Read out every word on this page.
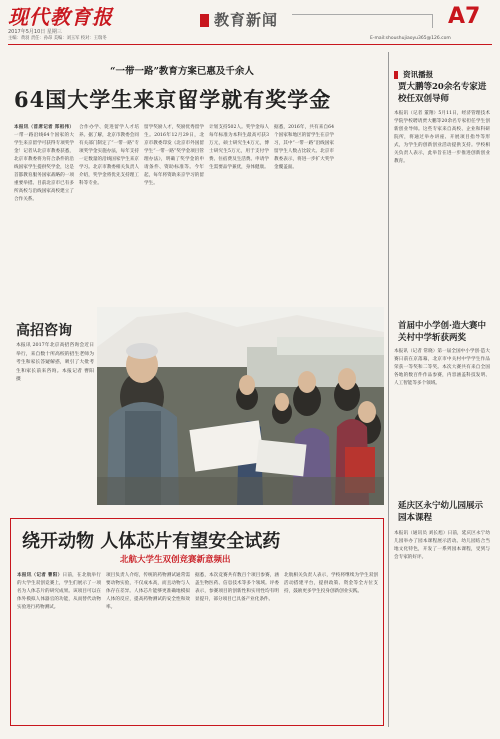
现代教育报
2017年5月10日 星期三
主编：黄羽 责任：孙昂 美编：刘玉军 校对：王瑞冬
教育新闻	A7
E-mail:shoushujiaoyu365@126.com
“一带一路”教育方案已惠及千余人
64国大学生来京留学就有奖学金
本报讯（首席记者 郑祖伟）一带一路沿线64个国家的大学生来京留学可获得专项奖学金！记者从北京市教委获悉，北京市教委将为符合条件的沿线国家学生提供奖学金，这是首都教育服务国家战略的一项重要举措。目前北京市已有多所高校与沿线国家高校建立了合作关系。
合作办学、促进留学人才培养。据了解，北京市教委会同有关部门制定了“一带一路”专项奖学金实施办法，每年支持一定数量的沿线国家学生来京学习。北京市教委相关负责人介绍，奖学金将优先支持理工科等专业。
留学奖励人才，奖励优秀留学生。2016年12月29日，北京市教委印发《北京市外国留学生“一带一路”奖学金项目管理办法》，明确了奖学金的申请条件、资助标准等。今年起，每年将资助来京学习的留学生。
计划支持502人。奖学金每人每年标准为本科生最高可获3万元，硕士研究生4万元，博士研究生5万元，用于支付学费、住宿费及生活费。申请学生需要品学兼优，身体健康。
据悉，2016年，共有来自64个国家和地区的留学生在京学习，其中“一带一路”沿线国家留学生人数占比较大。北京市教委表示，将进一步扩大奖学金覆盖面。
资讯播报
贾大鹏等20余名专家进校任双创导师
本报讯（记者 董翔）5月11日，经济管理技术学院学校聘请贾大鹏等20余名专家担任学生创新创业导师。这些专家来自高校、企业和科研院所，将通过举办讲座、开展项目指导等形式，为学生的创新创业活动提供支持。学校相关负责人表示，此举旨在进一步推进创新创业教育。
首届中小学创·造大赛中关村中学斩获两奖
本报讯（记者 常晓）第一届全国中小学创·造大赛日前在京落幕，北京市中关村中学学生作品荣获一等奖和二等奖。本次大赛共有来自全国各地的数百件作品参赛，内容涵盖科技发明、人工智能等多个领域。
延庆区永宁幼儿园展示园本课程
本报讯（通讯员 刘长旭）日前，延庆区永宁幼儿园举办了园本课程展示活动。幼儿园结合当地文化特色，开发了一系列园本课程，受到与会专家的好评。
高招咨询
本报讯 2017年北京高招咨询会近日举行，来自数十所高校的招生老师为考生和家长答疑解惑，吸引了大批考生和家长前来咨询。本报记者 曹阳 摄
绕开动物 人体芯片有望安全试药
北航大学生双创竞赛新意频出
本报讯（记者 曹阳）日前，在北航举行的大学生双创竞赛上，学生们展示了一项名为人体芯片的研究成果。该项目可以在体外模拟人体器官的功能，从而替代动物实验进行药物测试。
项目负责人介绍，传统的药物测试通常需要动物实验，不仅成本高，而且动物与人体存在差异。人体芯片能够更准确地模拟人体的反应，提高药物测试的安全性和效率。
据悉，本次竞赛共有数百个项目参赛，涵盖生物医药、信息技术等多个领域。评委表示，参赛项目的创新性和实用性均有明显提升，部分项目已具备产业化条件。
北航相关负责人表示，学校将继续为学生双创活动搭建平台，提供政策、资金等全方位支持，鼓励更多学生投身创新创业实践。
